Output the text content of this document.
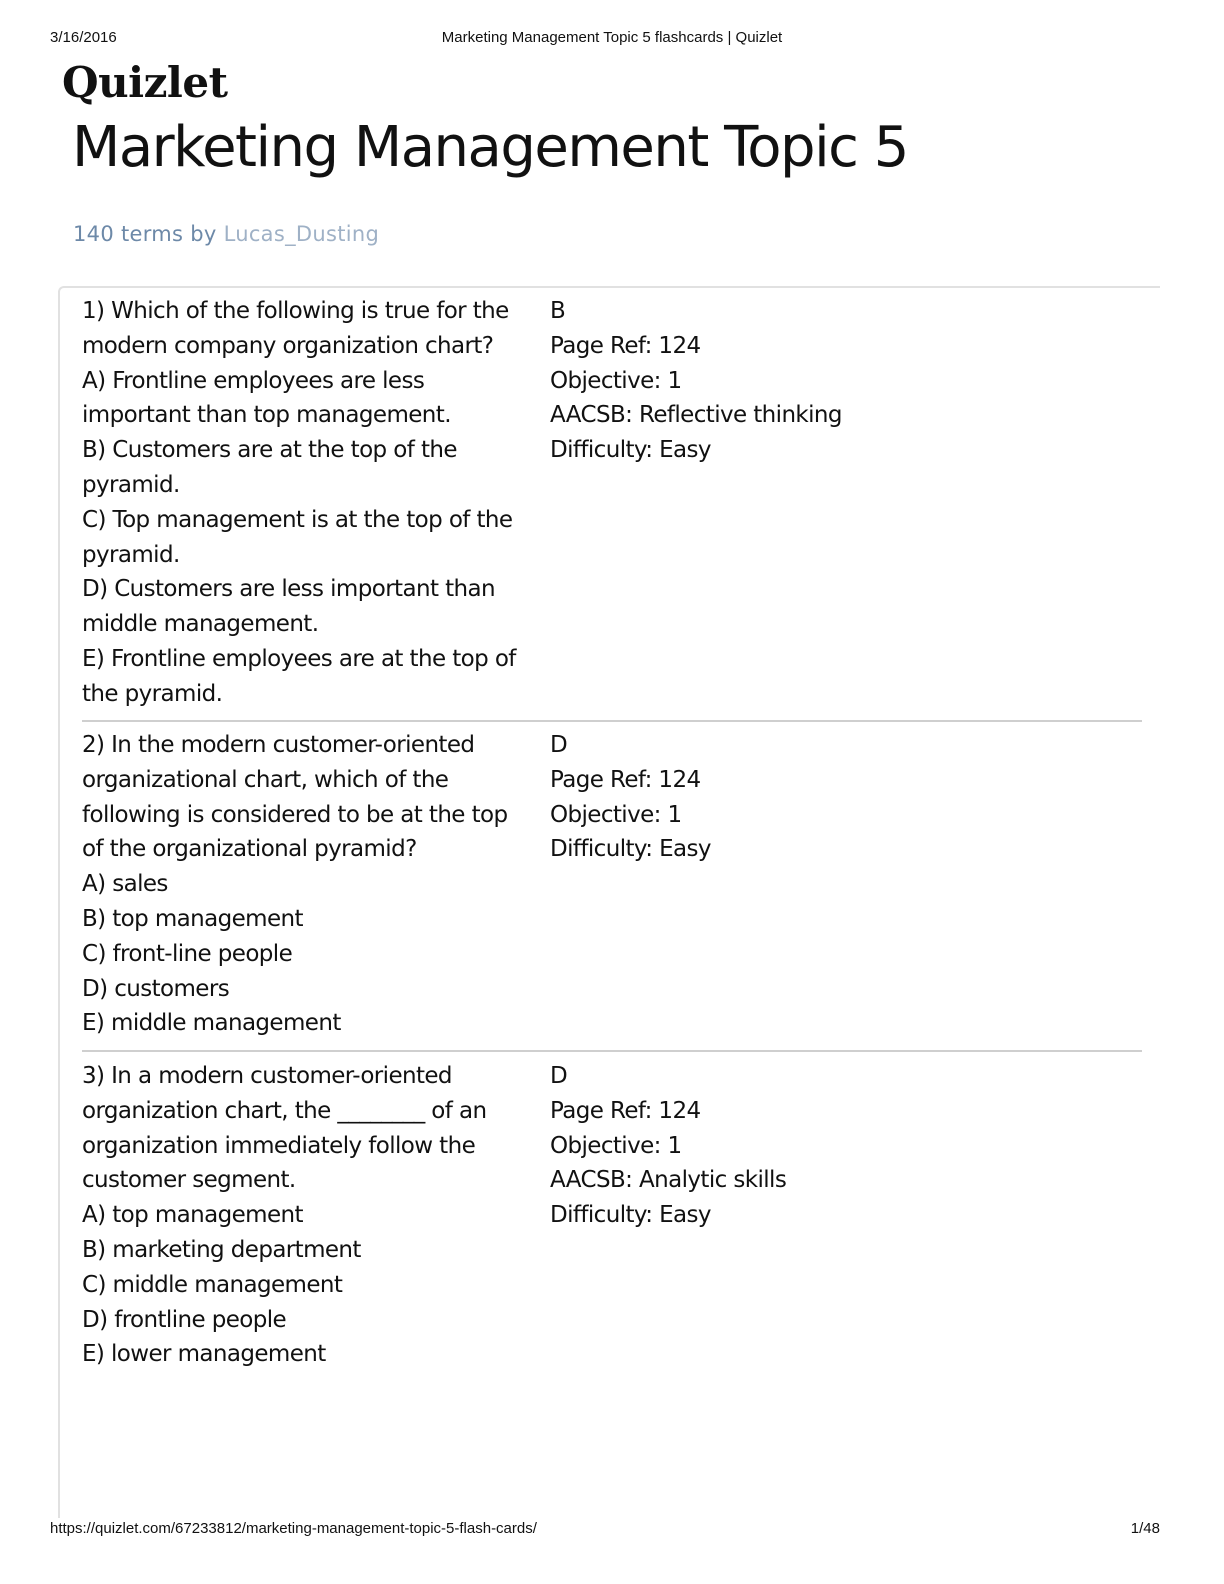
3/16/2016	Marketing Management Topic 5 flashcards | Quizlet
Quizlet
Marketing Management Topic 5
140 terms by Lucas_Dusting
1) Which of the following is true for the
modern company organization chart?
A) Frontline employees are less
important than top management.
B) Customers are at the top of the
pyramid.
C) Top management is at the top of the
pyramid.
D) Customers are less important than
middle management.
E) Frontline employees are at the top of
the pyramid.
B
Page Ref: 124
Objective: 1
AACSB: Reflective thinking
Difficulty: Easy
2) In the modern customer-oriented
organizational chart, which of the
following is considered to be at the top
of the organizational pyramid?
A) sales
B) top management
C) front-line people
D) customers
E) middle management
D
Page Ref: 124
Objective: 1
Difficulty: Easy
3) In a modern customer-oriented
organization chart, the ________ of an
organization immediately follow the
customer segment.
A) top management
B) marketing department
C) middle management
D) frontline people
E) lower management
D
Page Ref: 124
Objective: 1
AACSB: Analytic skills
Difficulty: Easy
https://quizlet.com/67233812/marketing-management-topic-5-flash-cards/	1/48
